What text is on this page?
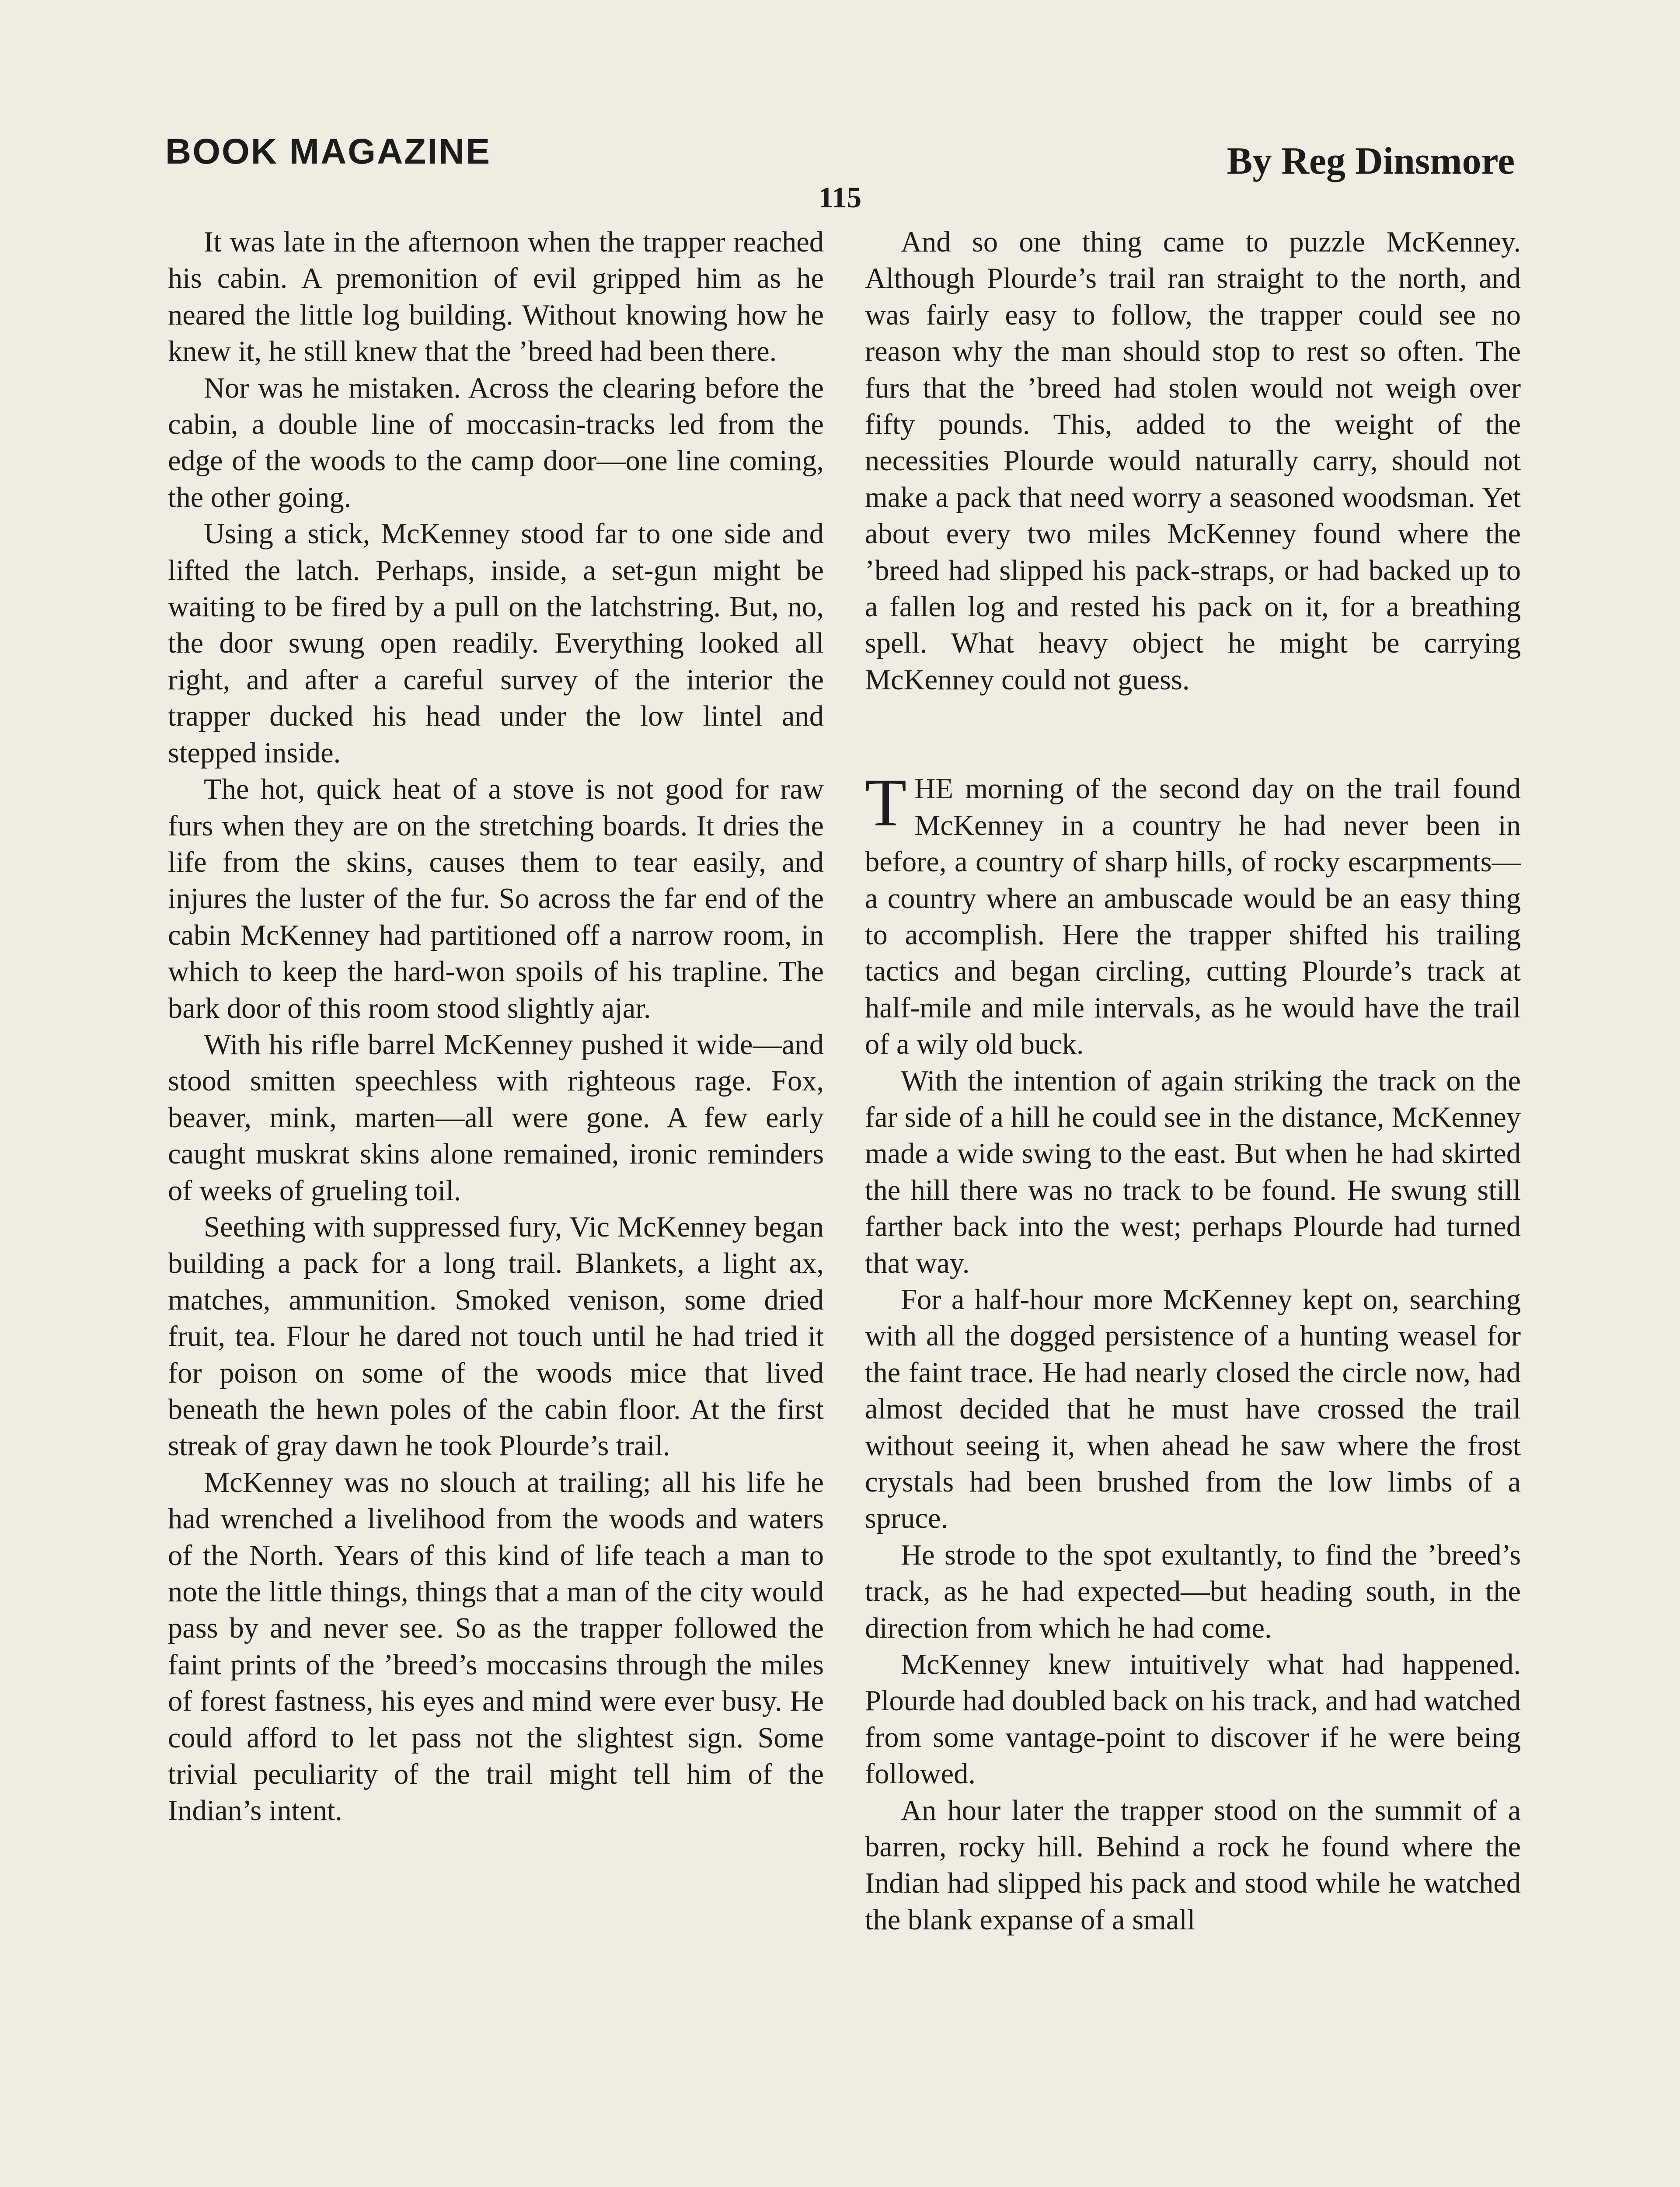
BOOK MAGAZINE	By Reg Dinsmore
115

It was late in the afternoon when the trapper reached his cabin. A premonition of evil gripped him as he neared the little log building. Without knowing how he knew it, he still knew that the ’breed had been there.

Nor was he mistaken. Across the clearing before the cabin, a double line of moccasin-tracks led from the edge of the woods to the camp door—one line coming, the other going.

Using a stick, McKenney stood far to one side and lifted the latch. Perhaps, inside, a set-gun might be waiting to be fired by a pull on the latchstring. But, no, the door swung open readily. Everything looked all right, and after a careful survey of the interior the trapper ducked his head under the low lintel and stepped inside.

The hot, quick heat of a stove is not good for raw furs when they are on the stretching boards. It dries the life from the skins, causes them to tear easily, and injures the luster of the fur. So across the far end of the cabin McKenney had partitioned off a narrow room, in which to keep the hard-won spoils of his trapline. The bark door of this room stood slightly ajar.

With his rifle barrel McKenney pushed it wide—and stood smitten speechless with righteous rage. Fox, beaver, mink, marten—all were gone. A few early caught muskrat skins alone remained, ironic reminders of weeks of grueling toil.

Seething with suppressed fury, Vic McKenney began building a pack for a long trail. Blankets, a light ax, matches, ammunition. Smoked venison, some dried fruit, tea. Flour he dared not touch until he had tried it for poison on some of the woods mice that lived beneath the hewn poles of the cabin floor. At the first streak of gray dawn he took Plourde’s trail.

McKenney was no slouch at trailing; all his life he had wrenched a livelihood from the woods and waters of the North. Years of this kind of life teach a man to note the little things, things that a man of the city would pass by and never see. So as the trapper followed the faint prints of the ’breed’s moccasins through the miles of forest fastness, his eyes and mind were ever busy. He could afford to let pass not the slightest sign. Some trivial peculiarity of the trail might tell him of the Indian’s intent.

And so one thing came to puzzle McKenney. Although Plourde’s trail ran straight to the north, and was fairly easy to follow, the trapper could see no reason why the man should stop to rest so often. The furs that the ’breed had stolen would not weigh over fifty pounds. This, added to the weight of the necessities Plourde would naturally carry, should not make a pack that need worry a seasoned woodsman. Yet about every two miles McKenney found where the ’breed had slipped his pack-straps, or had backed up to a fallen log and rested his pack on it, for a breathing spell. What heavy object he might be carrying McKenney could not guess.

THE morning of the second day on the trail found McKenney in a country he had never been in before, a country of sharp hills, of rocky escarpments—a country where an ambuscade would be an easy thing to accomplish. Here the trapper shifted his trailing tactics and began circling, cutting Plourde’s track at half-mile and mile intervals, as he would have the trail of a wily old buck.

With the intention of again striking the track on the far side of a hill he could see in the distance, McKenney made a wide swing to the east. But when he had skirted the hill there was no track to be found. He swung still farther back into the west; perhaps Plourde had turned that way.

For a half-hour more McKenney kept on, searching with all the dogged persistence of a hunting weasel for the faint trace. He had nearly closed the circle now, had almost decided that he must have crossed the trail without seeing it, when ahead he saw where the frost crystals had been brushed from the low limbs of a spruce.

He strode to the spot exultantly, to find the ’breed’s track, as he had expected—but heading south, in the direction from which he had come.

McKenney knew intuitively what had happened. Plourde had doubled back on his track, and had watched from some vantage-point to discover if he were being followed.

An hour later the trapper stood on the summit of a barren, rocky hill. Behind a rock he found where the Indian had slipped his pack and stood while he watched the blank expanse of a small
